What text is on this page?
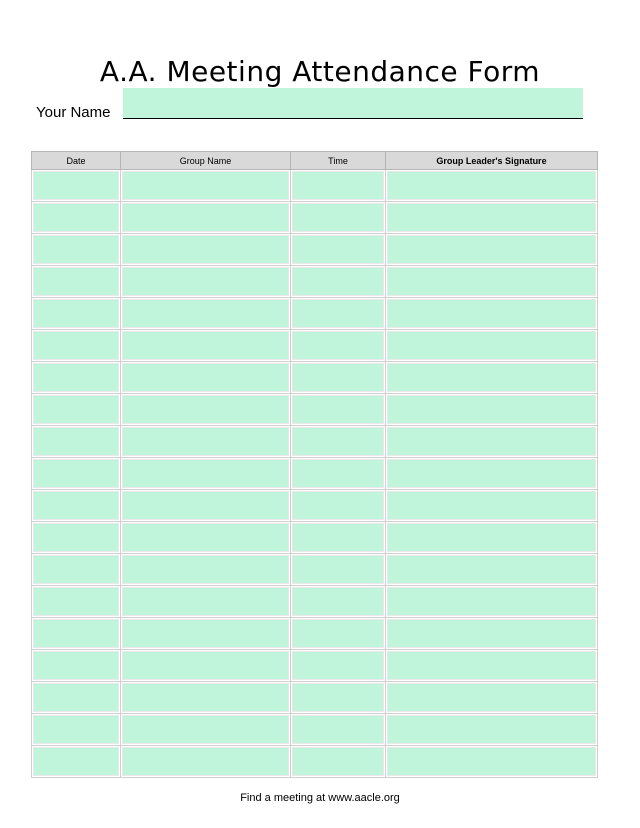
A.A. Meeting Attendance Form
Your Name
Date	Group Name	Time	Group Leader's Signature

Find a meeting at www.aacle.org
